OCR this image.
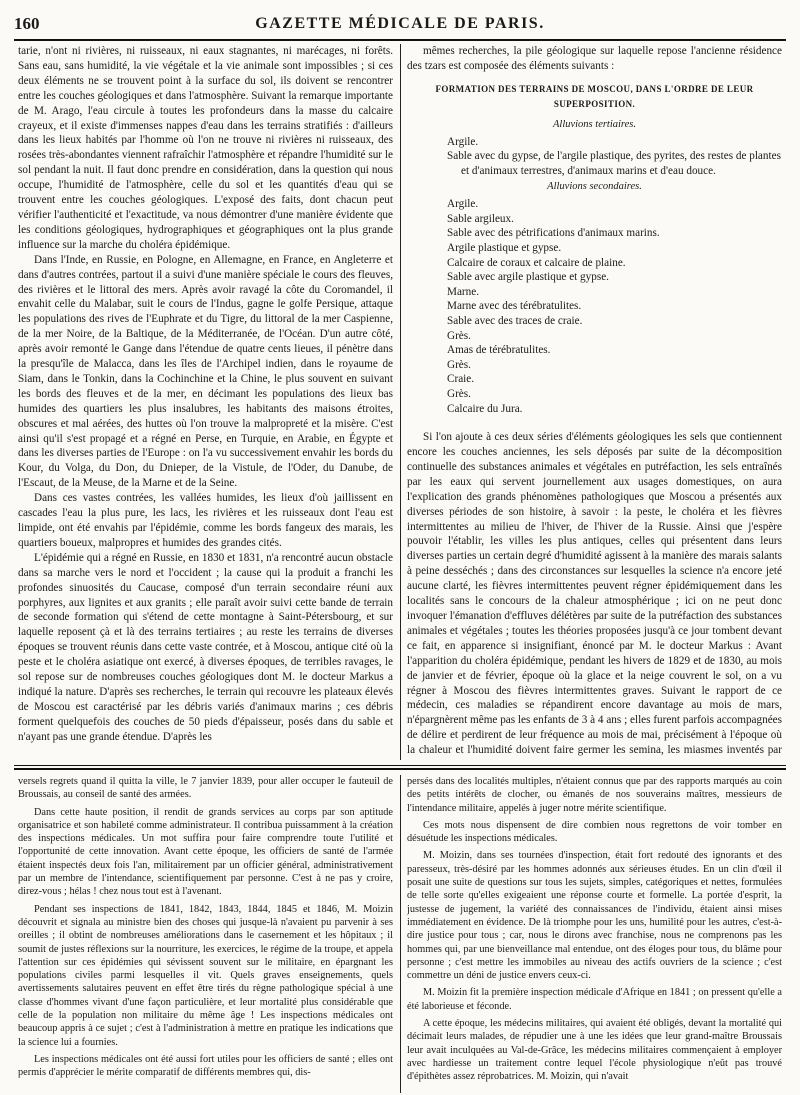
160	GAZETTE MÉDICALE DE PARIS.

tarie, n'ont ni rivières, ni ruisseaux, ni eaux stagnantes, ni marécages, ni forêts. Sans eau, sans humidité, la vie végétale et la vie animale sont impossibles ; si ces deux éléments ne se trouvent point à la surface du sol, ils doivent se rencontrer entre les couches géologiques et dans l'atmosphère. Suivant la remarque importante de M. Arago, l'eau circule à toutes les profondeurs dans la masse du calcaire crayeux, et il existe d'immenses nappes d'eau dans les terrains stratifiés : d'ailleurs dans les lieux habités par l'homme où l'on ne trouve ni rivières ni ruisseaux, des rosées très-abondantes viennent rafraîchir l'atmosphère et répandre l'humidité sur le sol pendant la nuit. Il faut donc prendre en considération, dans la question qui nous occupe, l'humidité de l'atmosphère, celle du sol et les quantités d'eau qui se trouvent entre les couches géologiques. L'exposé des faits, dont chacun peut vérifier l'authenticité et l'exactitude, va nous démontrer d'une manière évidente que les conditions géologiques, hydrographiques et géographiques ont la plus grande influence sur la marche du choléra épidémique.

Dans l'Inde, en Russie, en Pologne, en Allemagne, en France, en Angleterre et dans d'autres contrées, partout il a suivi d'une manière spéciale le cours des fleuves, des rivières et le littoral des mers. Après avoir ravagé la côte du Coromandel, il envahit celle du Malabar, suit le cours de l'Indus, gagne le golfe Persique, attaque les populations des rives de l'Euphrate et du Tigre, du littoral de la mer Caspienne, de la mer Noire, de la Baltique, de la Méditerranée, de l'Océan. D'un autre côté, après avoir remonté le Gange dans l'étendue de quatre cents lieues, il pénètre dans la presqu'île de Malacca, dans les îles de l'Archipel indien, dans le royaume de Siam, dans le Tonkin, dans la Cochinchine et la Chine, le plus souvent en suivant les bords des fleuves et de la mer, en décimant les populations des lieux bas humides des quartiers les plus insalubres, les habitants des maisons étroites, obscures et mal aérées, des huttes où l'on trouve la malpropreté et la misère. C'est ainsi qu'il s'est propagé et a régné en Perse, en Turquie, en Arabie, en Égypte et dans les diverses parties de l'Europe : on l'a vu successivement envahir les bords du Kour, du Volga, du Don, du Dnieper, de la Vistule, de l'Oder, du Danube, de l'Escaut, de la Meuse, de la Marne et de la Seine.

Dans ces vastes contrées, les vallées humides, les lieux d'où jaillissent en cascades l'eau la plus pure, les lacs, les rivières et les ruisseaux dont l'eau est limpide, ont été envahis par l'épidémie, comme les bords fangeux des marais, les quartiers boueux, malpropres et humides des grandes cités.

L'épidémie qui a régné en Russie, en 1830 et 1831, n'a rencontré aucun obstacle dans sa marche vers le nord et l'occident ; la cause qui la produit a franchi les profondes sinuosités du Caucase, composé d'un terrain secondaire réuni aux porphyres, aux lignites et aux granits ; elle paraît avoir suivi cette bande de terrain de seconde formation qui s'étend de cette montagne à Saint-Pétersbourg, et sur laquelle reposent çà et là des terrains tertiaires ; au reste les terrains de diverses époques se trouvent réunis dans cette vaste contrée, et à Moscou, antique cité où la peste et le choléra asiatique ont exercé, à diverses époques, de terribles ravages, le sol repose sur de nombreuses couches géologiques dont M. le docteur Markus a indiqué la nature. D'après ses recherches, le terrain qui recouvre les plateaux élevés de Moscou est caractérisé par les débris variés d'animaux marins ; ces débris forment quelquefois des couches de 50 pieds d'épaisseur, posés dans du sable et n'ayant pas une grande étendue. D'après les

mêmes recherches, la pile géologique sur laquelle repose l'ancienne résidence des tzars est composée des éléments suivants :

FORMATION DES TERRAINS DE MOSCOU, DANS L'ORDRE DE LEUR SUPERPOSITION.
Alluvions tertiaires.
Argile.
Sable avec du gypse, de l'argile plastique, des pyrites, des restes de plantes et d'animaux terrestres, d'animaux marins et d'eau douce.
Alluvions secondaires.
Argile.
Sable argileux.
Sable avec des pétrifications d'animaux marins.
Argile plastique et gypse.
Calcaire de coraux et calcaire de plaine.
Sable avec argile plastique et gypse.
Marne.
Marne avec des térébratulites.
Sable avec des traces de craie.
Grès.
Amas de térébratulites.
Grès.
Craie.
Grès.
Calcaire du Jura.

Si l'on ajoute à ces deux séries d'éléments géologiques les sels que contiennent encore les couches anciennes, les sels déposés par suite de la décomposition continuelle des substances animales et végétales en putréfaction, les sels entraînés par les eaux qui servent journellement aux usages domestiques, on aura l'explication des grands phénomènes pathologiques que Moscou a présentés aux diverses périodes de son histoire, à savoir : la peste, le choléra et les fièvres intermittentes au milieu de l'hiver, de l'hiver de la Russie. Ainsi que j'espère pouvoir l'établir, les villes les plus antiques, celles qui présentent dans leurs diverses parties un certain degré d'humidité agissent à la manière des marais salants à peine desséchés ; dans des circonstances sur lesquelles la science n'a encore jeté aucune clarté, les fièvres intermittentes peuvent régner épidémiquement dans les localités sans le concours de la chaleur atmosphérique ; ici on ne peut donc invoquer l'émanation d'effluves délétères par suite de la putréfaction des substances animales et végétales ; toutes les théories proposées jusqu'à ce jour tombent devant ce fait, en apparence si insignifiant, énoncé par M. le docteur Markus : Avant l'apparition du choléra épidémique, pendant les hivers de 1829 et de 1830, au mois de janvier et de février, époque où la glace et la neige couvrent le sol, on a vu régner à Moscou des fièvres intermittentes graves. Suivant le rapport de ce médecin, ces maladies se répandirent encore davantage au mois de mars, n'épargnèrent même pas les enfants de 3 à 4 ans ; elles furent parfois accompagnées de délire et perdirent de leur fréquence au mois de mai, précisément à l'époque où la chaleur et l'humidité doivent faire germer les semina, les miasmes inventés par

versels regrets quand il quitta la ville, le 7 janvier 1839, pour aller occuper le fauteuil de Broussais, au conseil de santé des armées.

Dans cette haute position, il rendit de grands services au corps par son aptitude organisatrice et son habileté comme administrateur. Il contribua puissamment à la création des inspections médicales. Un mot suffira pour faire comprendre toute l'utilité et l'opportunité de cette innovation. Avant cette époque, les officiers de santé de l'armée étaient inspectés deux fois l'an, militairement par un officier général, administrativement par un membre de l'intendance, scientifiquement par personne. C'est à ne pas y croire, direz-vous ; hélas ! chez nous tout est à l'avenant.

Pendant ses inspections de 1841, 1842, 1843, 1844, 1845 et 1846, M. Moizin découvrit et signala au ministre bien des choses qui jusque-là n'avaient pu parvenir à ses oreilles ; il obtint de nombreuses améliorations dans le casernement et les hôpitaux ; il soumit de justes réflexions sur la nourriture, les exercices, le régime de la troupe, et appela l'attention sur ces épidémies qui sévissent souvent sur le militaire, en épargnant les populations civiles parmi lesquelles il vit. Quels graves enseignements, quels avertissements salutaires peuvent en effet être tirés du règne pathologique spécial à une classe d'hommes vivant d'une façon particulière, et leur mortalité plus considérable que celle de la population non militaire du même âge ! Les inspections médicales ont beaucoup appris à ce sujet ; c'est à l'administration à mettre en pratique les indications que la science lui a fournies.

Les inspections médicales ont été aussi fort utiles pour les officiers de santé ; elles ont permis d'apprécier le mérite comparatif de différents membres qui, dis-

persés dans des localités multiples, n'étaient connus que par des rapports marqués au coin des petits intérêts de clocher, ou émanés de nos souverains maîtres, messieurs de l'intendance militaire, appelés à juger notre mérite scientifique.

Ces mots nous dispensent de dire combien nous regrettons de voir tomber en désuétude les inspections médicales.

M. Moizin, dans ses tournées d'inspection, était fort redouté des ignorants et des paresseux, très-désiré par les hommes adonnés aux sérieuses études. En un clin d'œil il posait une suite de questions sur tous les sujets, simples, catégoriques et nettes, formulées de telle sorte qu'elles exigeaient une réponse courte et formelle. La portée d'esprit, la justesse de jugement, la variété des connaissances de l'individu, étaient ainsi mises immédiatement en évidence. De là triomphe pour les uns, humilité pour les autres, c'est-à-dire justice pour tous ; car, nous le dirons avec franchise, nous ne comprenons pas les hommes qui, par une bienveillance mal entendue, ont des éloges pour tous, du blâme pour personne ; c'est mettre les immobiles au niveau des actifs ouvriers de la science ; c'est commettre un déni de justice envers ceux-ci.

M. Moizin fit la première inspection médicale d'Afrique en 1841 ; on pressent qu'elle a été laborieuse et féconde.

A cette époque, les médecins militaires, qui avaient été obligés, devant la mortalité qui décimait leurs malades, de répudier une à une les idées que leur grand-maître Broussais leur avait inculquées au Val-de-Grâce, les médecins militaires commençaient à employer avec hardiesse un traitement contre lequel l'école physiologique n'eût pas trouvé d'épithètes assez réprobatrices. M. Moizin, qui n'avait
